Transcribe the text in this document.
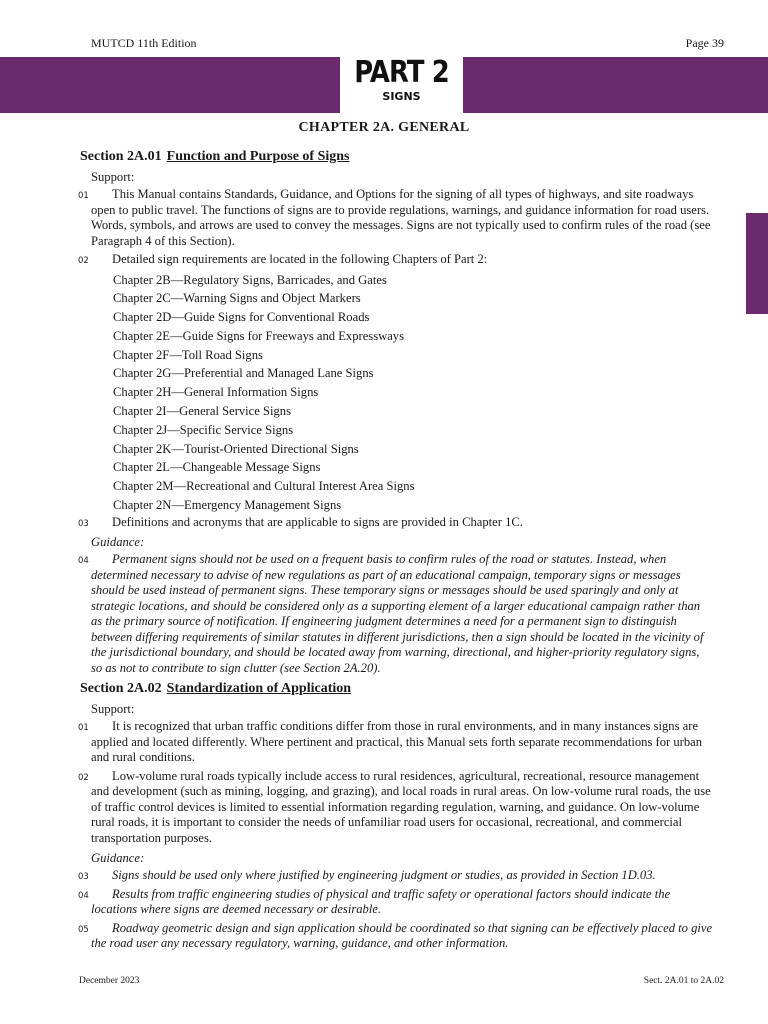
MUTCD 11th Edition	Page 39
PART 2
SIGNS
CHAPTER 2A. GENERAL
Section 2A.01 Function and Purpose of Signs
Support:
01 This Manual contains Standards, Guidance, and Options for the signing of all types of highways, and site roadways open to public travel. The functions of signs are to provide regulations, warnings, and guidance information for road users. Words, symbols, and arrows are used to convey the messages. Signs are not typically used to confirm rules of the road (see Paragraph 4 of this Section).
02 Detailed sign requirements are located in the following Chapters of Part 2:
Chapter 2B—Regulatory Signs, Barricades, and Gates
Chapter 2C—Warning Signs and Object Markers
Chapter 2D—Guide Signs for Conventional Roads
Chapter 2E—Guide Signs for Freeways and Expressways
Chapter 2F—Toll Road Signs
Chapter 2G—Preferential and Managed Lane Signs
Chapter 2H—General Information Signs
Chapter 2I—General Service Signs
Chapter 2J—Specific Service Signs
Chapter 2K—Tourist-Oriented Directional Signs
Chapter 2L—Changeable Message Signs
Chapter 2M—Recreational and Cultural Interest Area Signs
Chapter 2N—Emergency Management Signs
03 Definitions and acronyms that are applicable to signs are provided in Chapter 1C.
Guidance:
04 Permanent signs should not be used on a frequent basis to confirm rules of the road or statutes. Instead, when determined necessary to advise of new regulations as part of an educational campaign, temporary signs or messages should be used instead of permanent signs. These temporary signs or messages should be used sparingly and only at strategic locations, and should be considered only as a supporting element of a larger educational campaign rather than as the primary source of notification. If engineering judgment determines a need for a permanent sign to distinguish between differing requirements of similar statutes in different jurisdictions, then a sign should be located in the vicinity of the jurisdictional boundary, and should be located away from warning, directional, and higher-priority regulatory signs, so as not to contribute to sign clutter (see Section 2A.20).
Section 2A.02 Standardization of Application
Support:
01 It is recognized that urban traffic conditions differ from those in rural environments, and in many instances signs are applied and located differently. Where pertinent and practical, this Manual sets forth separate recommendations for urban and rural conditions.
02 Low-volume rural roads typically include access to rural residences, agricultural, recreational, resource management and development (such as mining, logging, and grazing), and local roads in rural areas. On low-volume rural roads, the use of traffic control devices is limited to essential information regarding regulation, warning, and guidance. On low-volume rural roads, it is important to consider the needs of unfamiliar road users for occasional, recreational, and commercial transportation purposes.
Guidance:
03 Signs should be used only where justified by engineering judgment or studies, as provided in Section 1D.03.
04 Results from traffic engineering studies of physical and traffic safety or operational factors should indicate the locations where signs are deemed necessary or desirable.
05 Roadway geometric design and sign application should be coordinated so that signing can be effectively placed to give the road user any necessary regulatory, warning, guidance, and other information.
December 2023	Sect. 2A.01 to 2A.02
